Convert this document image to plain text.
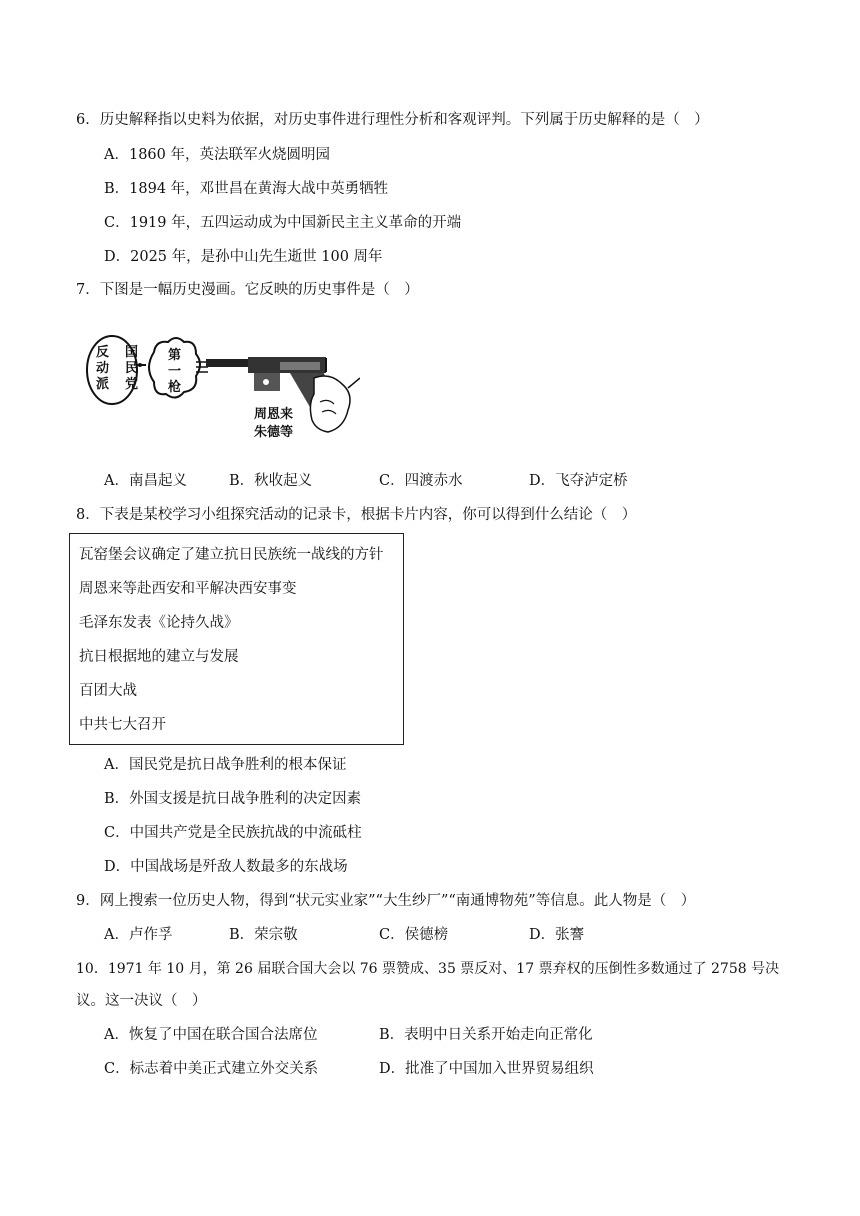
6．历史解释指以史料为依据，对历史事件进行理性分析和客观评判。下列属于历史解释的是（　）
A．1860 年，英法联军火烧圆明园
B．1894 年，邓世昌在黄海大战中英勇牺牲
C．1919 年，五四运动成为中国新民主主义革命的开端
D．2025 年，是孙中山先生逝世 100 周年
7．下图是一幅历史漫画。它反映的历史事件是（　）
国
民
党
反
动
派
第
一
枪
周恩来
朱德等
A．南昌起义	B．秋收起义	C．四渡赤水	D．飞夺泸定桥
8．下表是某校学习小组探究活动的记录卡，根据卡片内容，你可以得到什么结论（　）
瓦窑堡会议确定了建立抗日民族统一战线的方针
周恩来等赴西安和平解决西安事变
毛泽东发表《论持久战》
抗日根据地的建立与发展
百团大战
中共七大召开
A．国民党是抗日战争胜利的根本保证
B．外国支援是抗日战争胜利的决定因素
C．中国共产党是全民族抗战的中流砥柱
D．中国战场是歼敌人数最多的东战场
9．网上搜索一位历史人物，得到“状元实业家”“大生纱厂”“南通博物苑”等信息。此人物是（　）
A．卢作孚	B．荣宗敬	C．侯德榜	D．张謇
10．1971 年 10 月，第 26 届联合国大会以 76 票赞成、35 票反对、17 票弃权的压倒性多数通过了 2758 号决
议。这一决议（　）
A．恢复了中国在联合国合法席位	B．表明中日关系开始走向正常化
C．标志着中美正式建立外交关系	D．批准了中国加入世界贸易组织
